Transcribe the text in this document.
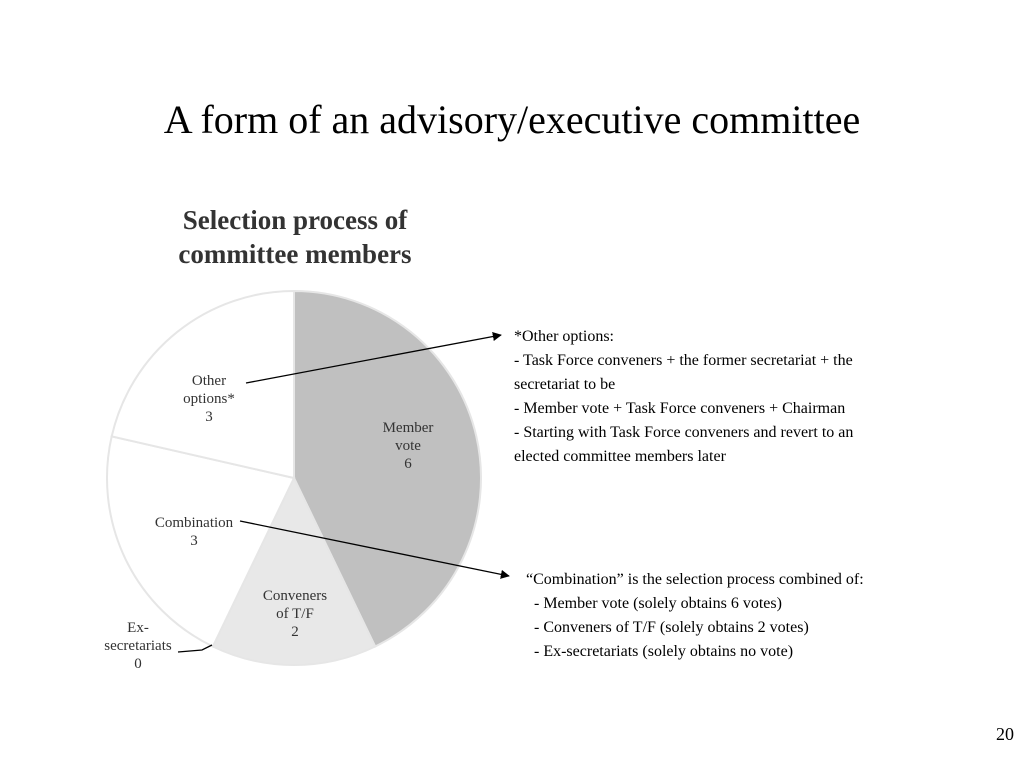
A form of an advisory/executive committee
Selection process of
committee members
Member
vote
6
Conveners
of T/F
2
Ex-
secretariats
0
Combination
3
Other
options*
3
*Other options:
- Task Force conveners + the former secretariat + the
secretariat to be
- Member vote + Task Force conveners + Chairman
- Starting with Task Force conveners and revert to an
elected committee members later
“Combination” is the selection process combined of:
- Member vote (solely obtains 6 votes)
- Conveners of T/F (solely obtains 2 votes)
- Ex-secretariats (solely obtains no vote)
20
